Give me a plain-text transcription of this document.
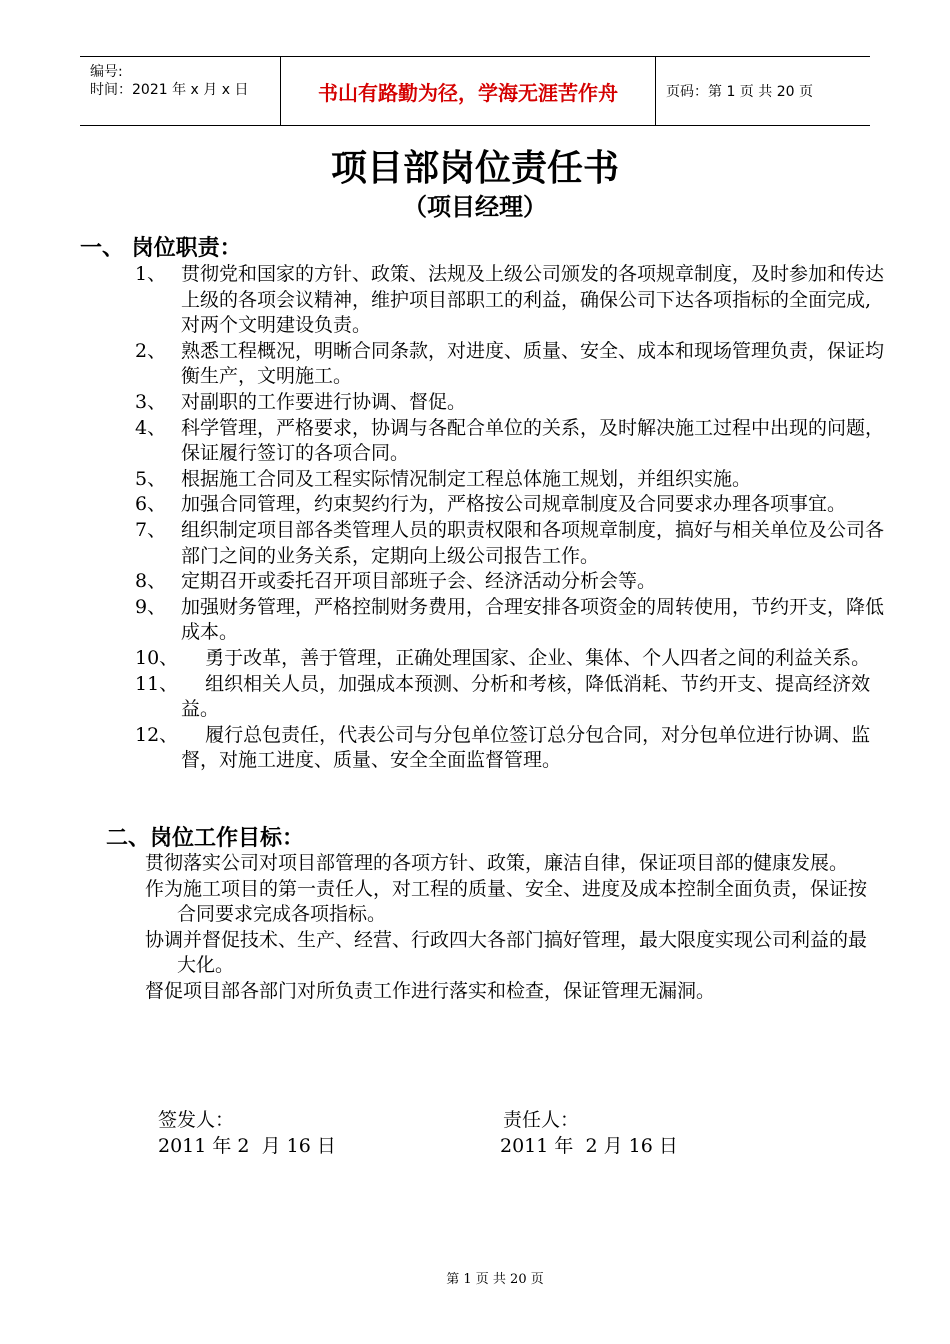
编号:
时间：2021 年 x 月 x 日	书山有路勤为径，学海无涯苦作舟	页码：第 1 页 共 20 页
项目部岗位责任书
（项目经理）
一、 岗位职责：
1、 贯彻党和国家的方针、政策、法规及上级公司颁发的各项规章制度，及时参加和传达上级的各项会议精神，维护项目部职工的利益，确保公司下达各项指标的全面完成,对两个文明建设负责。
2、 熟悉工程概况，明晰合同条款，对进度、质量、安全、成本和现场管理负责，保证均衡生产，文明施工。
3、 对副职的工作要进行协调、督促。
4、 科学管理，严格要求，协调与各配合单位的关系，及时解决施工过程中出现的问题，保证履行签订的各项合同。
5、 根据施工合同及工程实际情况制定工程总体施工规划，并组织实施。
6、 加强合同管理，约束契约行为，严格按公司规章制度及合同要求办理各项事宜。
7、 组织制定项目部各类管理人员的职责权限和各项规章制度，搞好与相关单位及公司各部门之间的业务关系，定期向上级公司报告工作。
8、 定期召开或委托召开项目部班子会、经济活动分析会等。
9、 加强财务管理，严格控制财务费用，合理安排各项资金的周转使用，节约开支，降低成本。
10、 勇于改革，善于管理，正确处理国家、企业、集体、个人四者之间的利益关系。
11、 组织相关人员，加强成本预测、分析和考核，降低消耗、节约开支、提高经济效益。
12、 履行总包责任，代表公司与分包单位签订总分包合同，对分包单位进行协调、监督，对施工进度、质量、安全全面监督管理。
二、岗位工作目标：
贯彻落实公司对项目部管理的各项方针、政策，廉洁自律，保证项目部的健康发展。
作为施工项目的第一责任人，对工程的质量、安全、进度及成本控制全面负责，保证按合同要求完成各项指标。
协调并督促技术、生产、经营、行政四大各部门搞好管理，最大限度实现公司利益的最大化。
督促项目部各部门对所负责工作进行落实和检查，保证管理无漏洞。
签发人：
2011 年 2  月 16 日
责任人：
2011 年  2 月 16 日
第 1 页 共 20 页
